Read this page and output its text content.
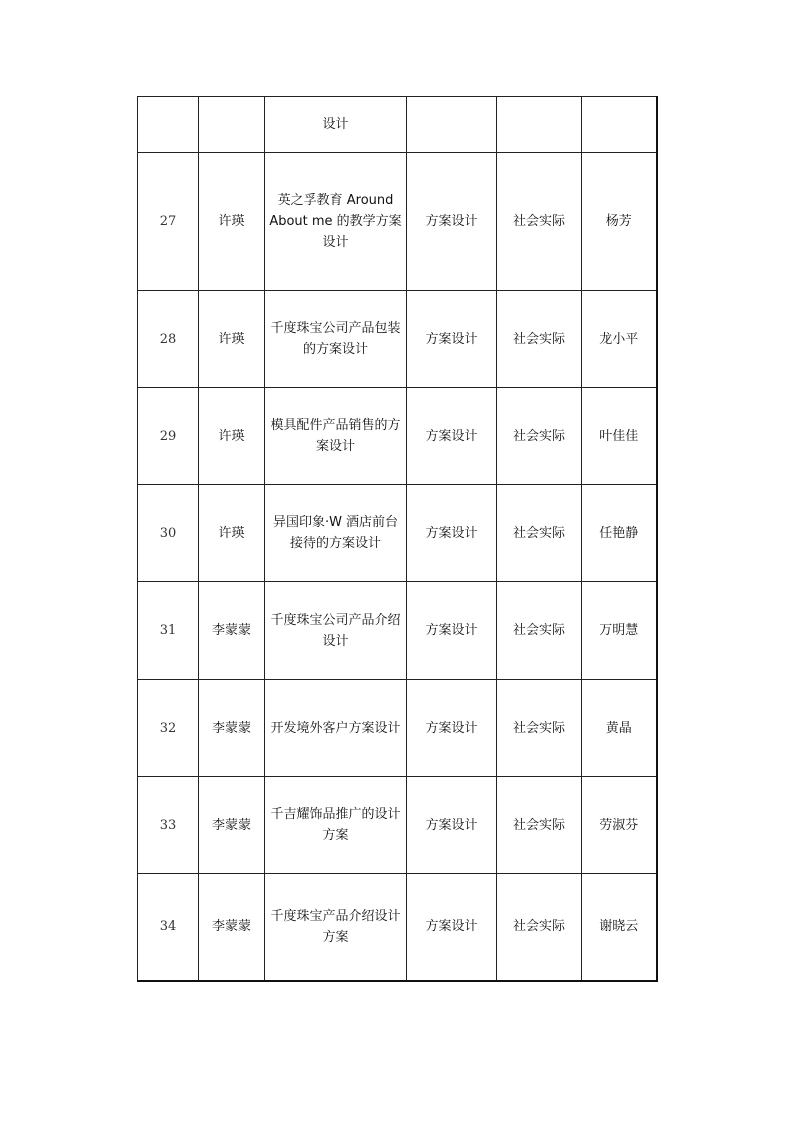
		设计			
27	许瑛	英之孚教育 Around About me 的教学方案设计	方案设计	社会实际	杨芳
28	许瑛	千度珠宝公司产品包装的方案设计	方案设计	社会实际	龙小平
29	许瑛	模具配件产品销售的方案设计	方案设计	社会实际	叶佳佳
30	许瑛	异国印象·W 酒店前台接待的方案设计	方案设计	社会实际	任艳静
31	李蒙蒙	千度珠宝公司产品介绍设计	方案设计	社会实际	万明慧
32	李蒙蒙	开发境外客户方案设计	方案设计	社会实际	黄晶
33	李蒙蒙	千吉耀饰品推广的设计方案	方案设计	社会实际	劳淑芬
34	李蒙蒙	千度珠宝产品介绍设计方案	方案设计	社会实际	谢晓云
